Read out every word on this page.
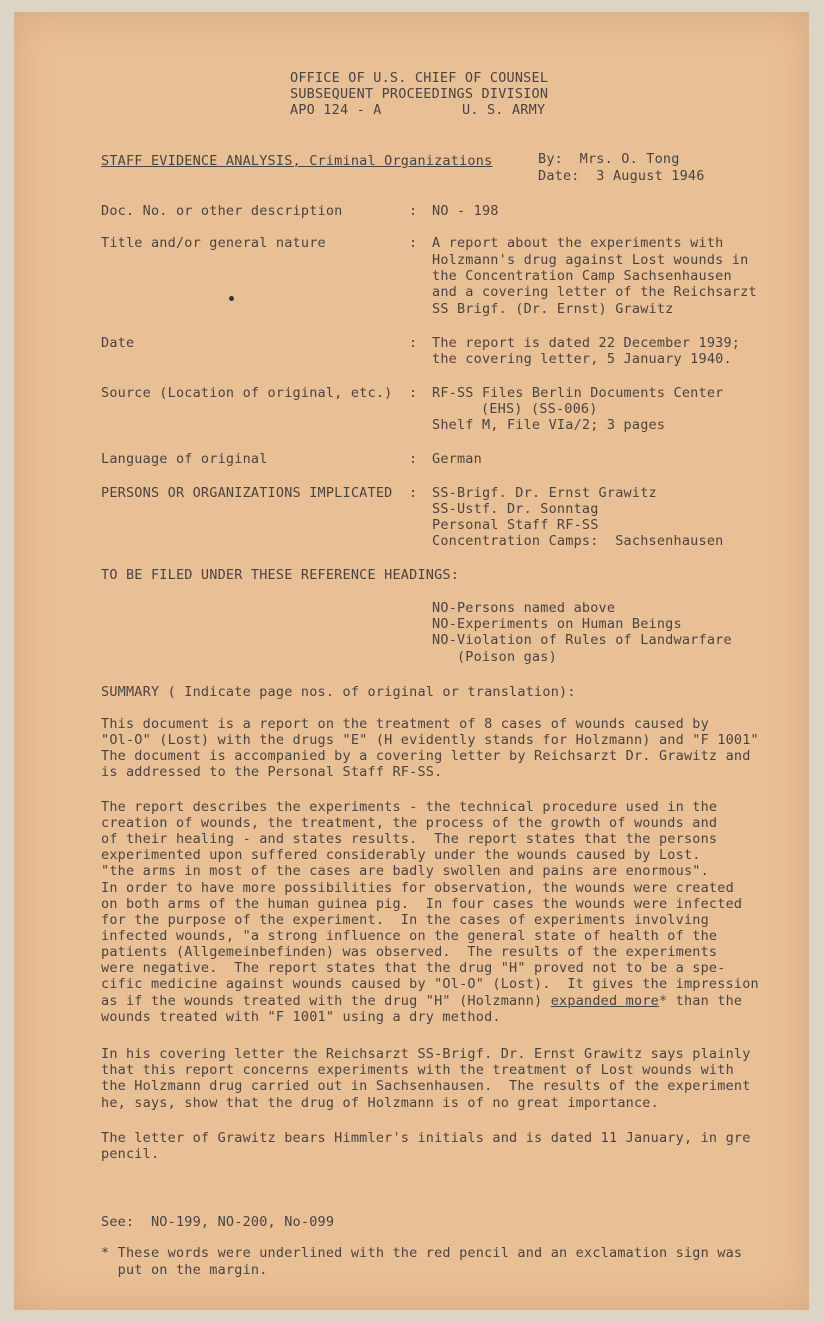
OFFICE OF U.S. CHIEF OF COUNSEL
SUBSEQUENT PROCEEDINGS DIVISION
APO 124 - A	U. S. ARMY
STAFF EVIDENCE ANALYSIS, Criminal Organizations	By:  Mrs. O. Tong
Date:  3 August 1946
Doc. No. or other description	: NO - 198
Title and/or general nature	: A report about the experiments with
Holzmann's drug against Lost wounds in
the Concentration Camp Sachsenhausen
and a covering letter of the Reichsarzt
SS Brigf. (Dr. Ernst) Grawitz
Date	: The report is dated 22 December 1939;
the covering letter, 5 January 1940.
Source (Location of original, etc.) : RF-SS Files Berlin Documents Center
(EHS) (SS-006)
Shelf M, File VIa/2; 3 pages
Language of original	: German
PERSONS OR ORGANIZATIONS IMPLICATED : SS-Brigf. Dr. Ernst Grawitz
SS-Ustf. Dr. Sonntag
Personal Staff RF-SS
Concentration Camps:  Sachsenhausen
TO BE FILED UNDER THESE REFERENCE HEADINGS:
NO-Persons named above
NO-Experiments on Human Beings
NO-Violation of Rules of Landwarfare
(Poison gas)
SUMMARY ( Indicate page nos. of original or translation):
This document is a report on the treatment of 8 cases of wounds caused by
"Ol-O" (Lost) with the drugs "E" (H evidently stands for Holzmann) and "F 1001"
The document is accompanied by a covering letter by Reichsarzt Dr. Grawitz and
is addressed to the Personal Staff RF-SS.
The report describes the experiments - the technical procedure used in the
creation of wounds, the treatment, the process of the growth of wounds and
of their healing - and states results.  The report states that the persons
experimented upon suffered considerably under the wounds caused by Lost.
"the arms in most of the cases are badly swollen and pains are enormous".
In order to have more possibilities for observation, the wounds were created
on both arms of the human guinea pig.  In four cases the wounds were infected
for the purpose of the experiment.  In the cases of experiments involving
infected wounds, "a strong influence on the general state of health of the
patients (Allgemeinbefinden) was observed.  The results of the experiments
were negative.  The report states that the drug "H" proved not to be a spe-
cific medicine against wounds caused by "Ol-O" (Lost).  It gives the impression
as if the wounds treated with the drug "H" (Holzmann) expanded more* than the
wounds treated with "F 1001" using a dry method.
In his covering letter the Reichsarzt SS-Brigf. Dr. Ernst Grawitz says plainly
that this report concerns experiments with the treatment of Lost wounds with
the Holzmann drug carried out in Sachsenhausen.  The results of the experiment
he, says, show that the drug of Holzmann is of no great importance.
The letter of Grawitz bears Himmler's initials and is dated 11 January, in gre
pencil.
See:  NO-199, NO-200, No-099
* These words were underlined with the red pencil and an exclamation sign was
put on the margin.
